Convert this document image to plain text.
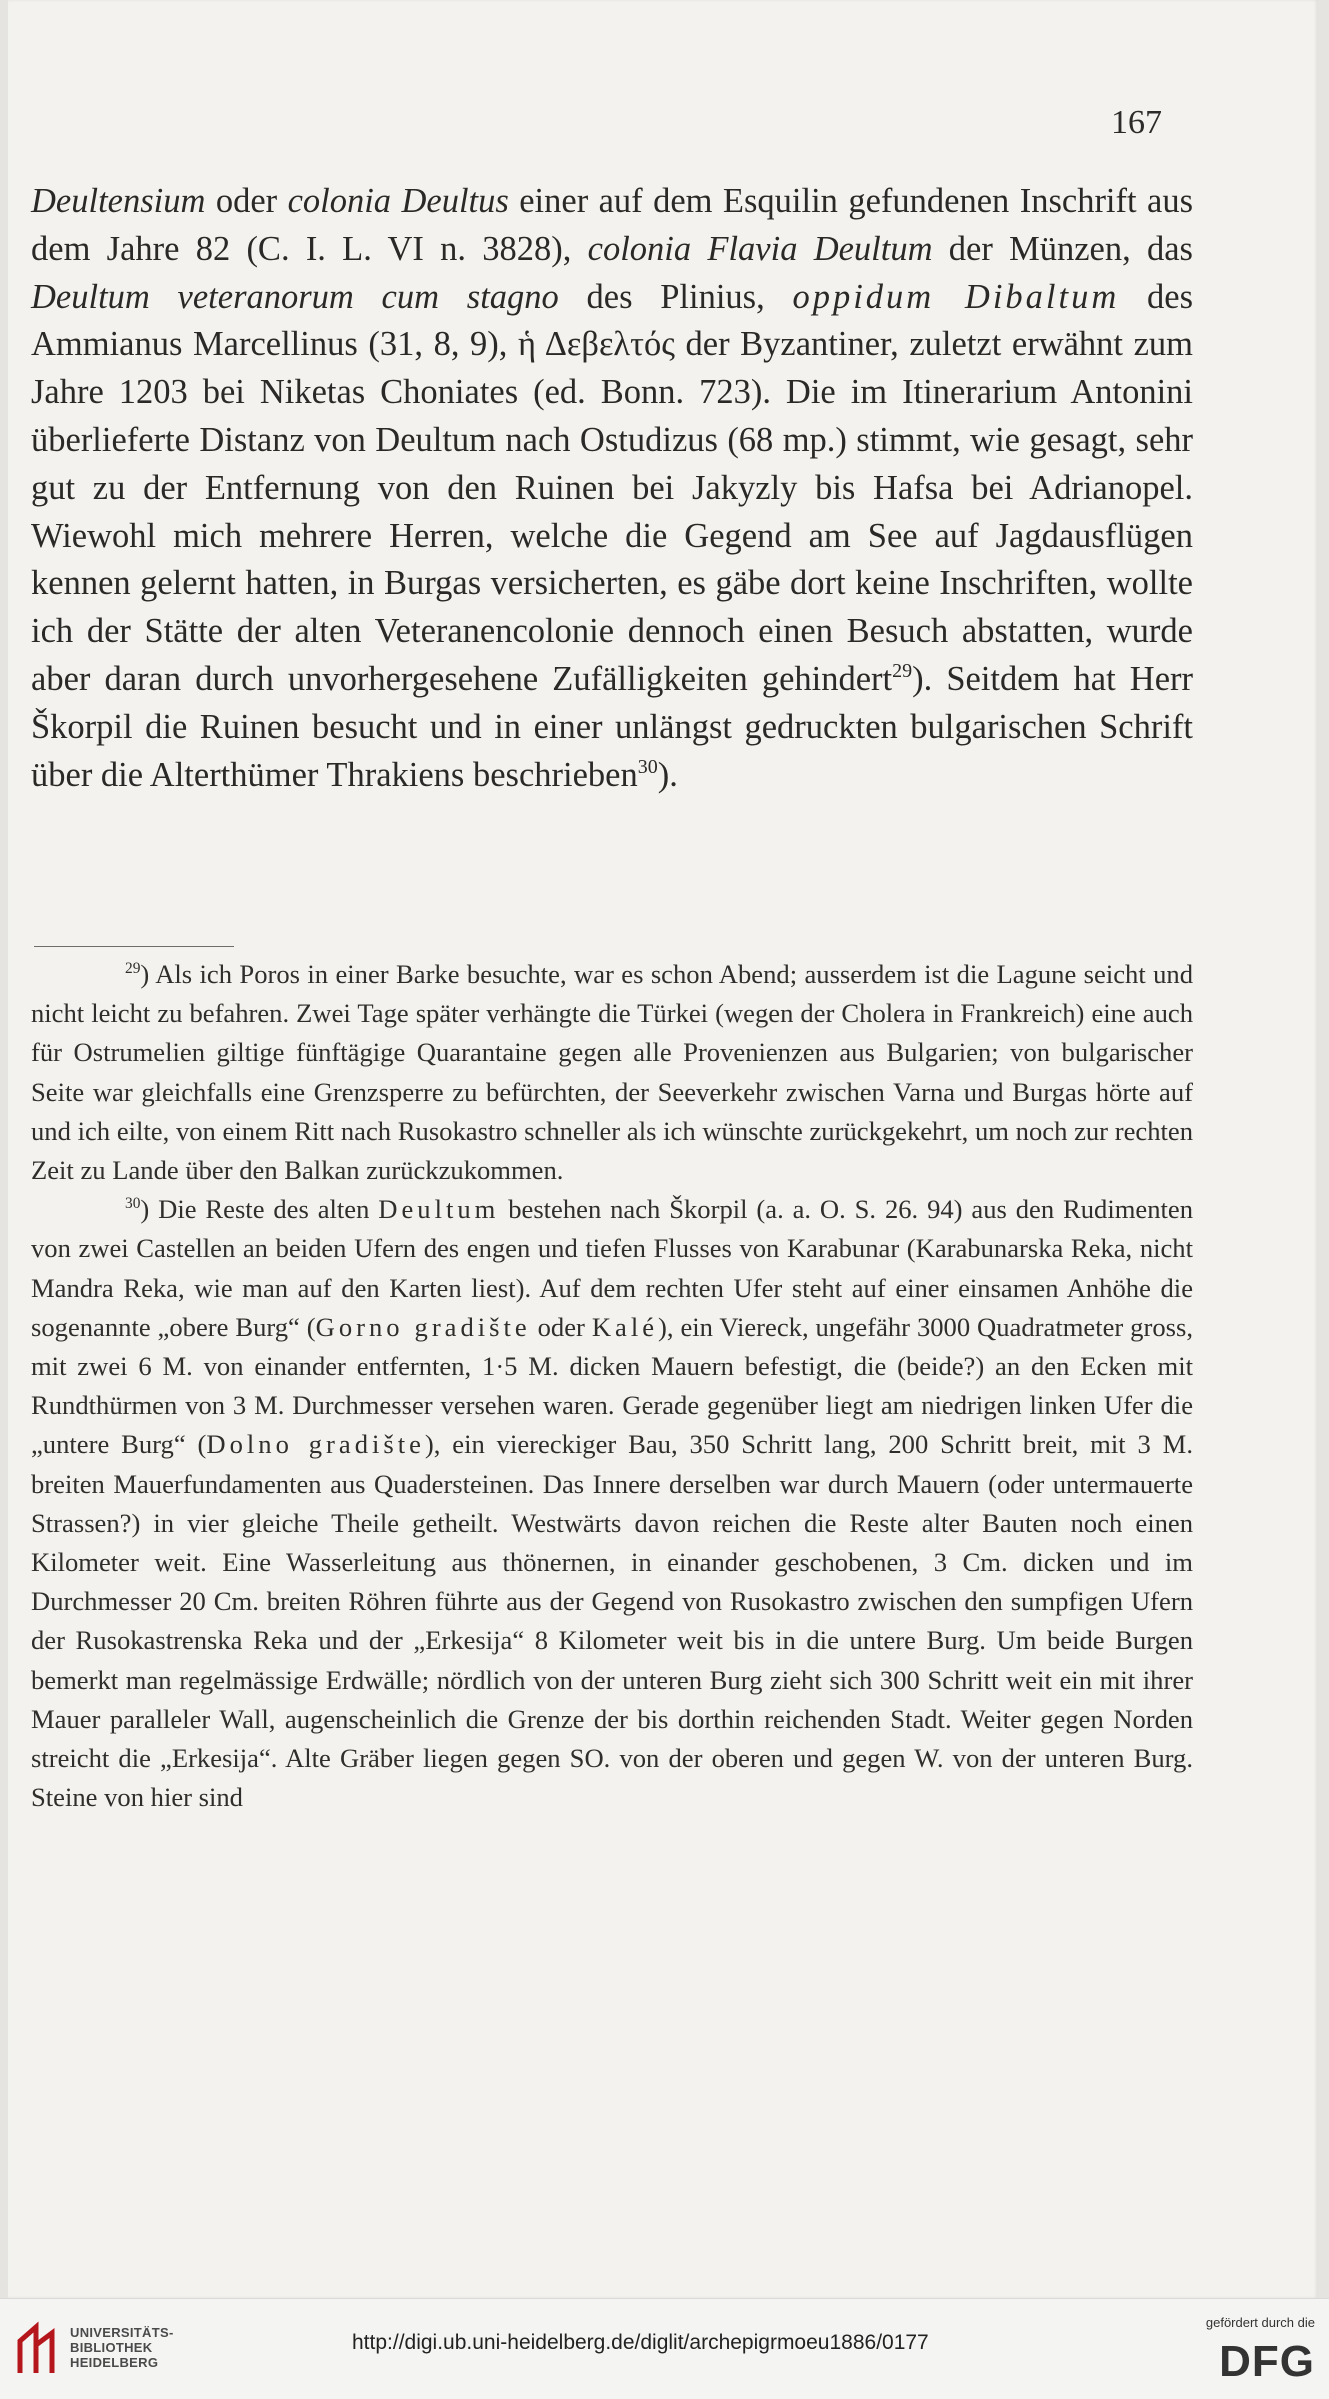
167

Deultensium oder colonia Deultus einer auf dem Esquilin gefundenen Inschrift aus dem Jahre 82 (C. I. L. VI n. 3828), colonia Flavia Deultum der Münzen, das Deultum veteranorum cum stagno des Plinius, oppidum Dibaltum des Ammianus Marcellinus (31, 8, 9), ἡ Δεβελτός der Byzantiner, zuletzt erwähnt zum Jahre 1203 bei Niketas Choniates (ed. Bonn. 723). Die im Itinerarium Antonini überlieferte Distanz von Deultum nach Ostudizus (68 mp.) stimmt, wie gesagt, sehr gut zu der Entfernung von den Ruinen bei Jakyzly bis Hafsa bei Adrianopel. Wiewohl mich mehrere Herren, welche die Gegend am See auf Jagdausflügen kennen gelernt hatten, in Burgas versicherten, es gäbe dort keine Inschriften, wollte ich der Stätte der alten Veteranencolonie dennoch einen Besuch abstatten, wurde aber daran durch unvorhergesehene Zufälligkeiten gehindert$^{29}$). Seitdem hat Herr Škorpil die Ruinen besucht und in einer unlängst gedruckten bulgarischen Schrift über die Alterthümer Thrakiens beschrieben$^{30}$).

$^{29}$) Als ich Poros in einer Barke besuchte, war es schon Abend; ausserdem ist die Lagune seicht und nicht leicht zu befahren. Zwei Tage später verhängte die Türkei (wegen der Cholera in Frankreich) eine auch für Ostrumelien giltige fünftägige Quarantaine gegen alle Provenienzen aus Bulgarien; von bulgarischer Seite war gleichfalls eine Grenzsperre zu befürchten, der Seeverkehr zwischen Varna und Burgas hörte auf und ich eilte, von einem Ritt nach Rusokastro schneller als ich wünschte zurückgekehrt, um noch zur rechten Zeit zu Lande über den Balkan zurückzukommen.

$^{30}$) Die Reste des alten Deultum bestehen nach Škorpil (a. a. O. S. 26. 94) aus den Rudimenten von zwei Castellen an beiden Ufern des engen und tiefen Flusses von Karabunar (Karabunarska Reka, nicht Mandra Reka, wie man auf den Karten liest). Auf dem rechten Ufer steht auf einer einsamen Anhöhe die sogenannte „obere Burg“ (Gorno gradište oder Kalé), ein Viereck, ungefähr 3000 Quadratmeter gross, mit zwei 6 M. von einander entfernten, 1·5 M. dicken Mauern befestigt, die (beide?) an den Ecken mit Rundthürmen von 3 M. Durchmesser versehen waren. Gerade gegenüber liegt am niedrigen linken Ufer die „untere Burg“ (Dolno gradište), ein viereckiger Bau, 350 Schritt lang, 200 Schritt breit, mit 3 M. breiten Mauerfundamenten aus Quadersteinen. Das Innere derselben war durch Mauern (oder untermauerte Strassen?) in vier gleiche Theile getheilt. Westwärts davon reichen die Reste alter Bauten noch einen Kilometer weit. Eine Wasserleitung aus thönernen, in einander geschobenen, 3 Cm. dicken und im Durchmesser 20 Cm. breiten Röhren führte aus der Gegend von Rusokastro zwischen den sumpfigen Ufern der Rusokastrenska Reka und der „Erkesija“ 8 Kilometer weit bis in die untere Burg. Um beide Burgen bemerkt man regelmässige Erdwälle; nördlich von der unteren Burg zieht sich 300 Schritt weit ein mit ihrer Mauer paralleler Wall, augenscheinlich die Grenze der bis dorthin reichenden Stadt. Weiter gegen Norden streicht die „Erkesija“. Alte Gräber liegen gegen SO. von der oberen und gegen W. von der unteren Burg. Steine von hier sind

UNIVERSITÄTS-
BIBLIOTHEK
HEIDELBERG
http://digi.ub.uni-heidelberg.de/diglit/archepigrmoeu1886/0177
gefördert durch die
DFG
